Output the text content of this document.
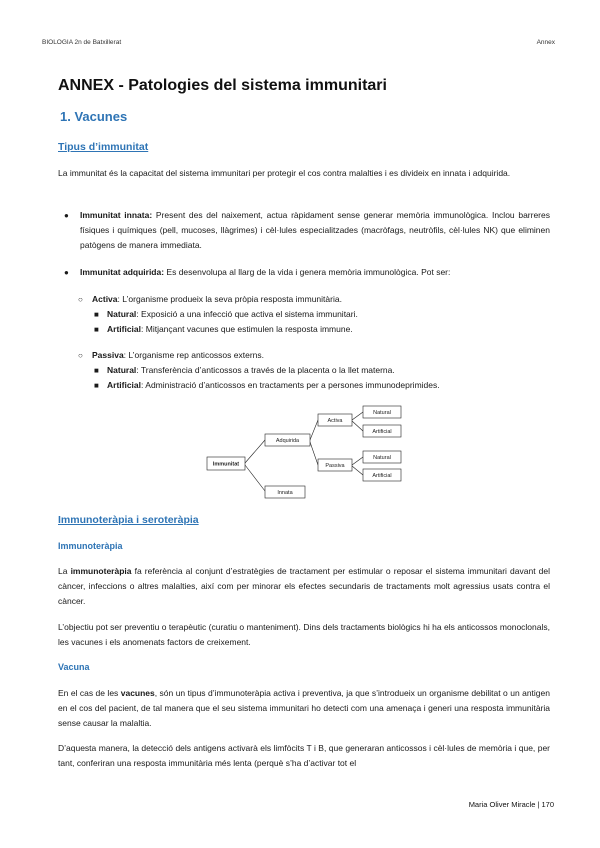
BIOLOGIA 2n de Batxillerat	Annex
ANNEX - Patologies del sistema immunitari
1. Vacunes
Tipus d’immunitat

La immunitat és la capacitat del sistema immunitari per protegir el cos contra malalties i es divideix en innata i adquirida.

● Immunitat innata: Present des del naixement, actua ràpidament sense generar memòria immunològica. Inclou barreres físiques i químiques (pell, mucoses, llàgrimes) i cèl·lules especialitzades (macròfags, neutròfils, cèl·lules NK) que eliminen patògens de manera immediata.

● Immunitat adquirida: Es desenvolupa al llarg de la vida i genera memòria immunològica. Pot ser:

○ Activa: L’organisme produeix la seva pròpia resposta immunitària.

■ Natural: Exposició a una infecció que activa el sistema immunitari.

■ Artificial: Mitjançant vacunes que estimulen la resposta immune.

○ Passiva: L’organisme rep anticossos externs.

■ Natural: Transferència d’anticossos a través de la placenta o la llet materna.

■ Artificial: Administració d’anticossos en tractaments per a persones immunodeprimides.

Immunitat
Adquirida
Innata
Activa
Passiva
Natural
Artificial
Natural
Artificial
Immunoteràpia i seroteràpia
Immunoteràpia

La immunoteràpia fa referència al conjunt d’estratègies de tractament per estimular o reposar el sistema immunitari davant del càncer, infeccions o altres malalties, així com per minorar els efectes secundaris de tractaments molt agressius usats contra el càncer.

L’objectiu pot ser preventiu o terapèutic (curatiu o manteniment). Dins dels tractaments biològics hi ha els anticossos monoclonals, les vacunes i els anomenats factors de creixement.

Vacuna

En el cas de les vacunes, són un tipus d’immunoteràpia activa i preventiva, ja que s’introdueix un organisme debilitat o un antigen en el cos del pacient, de tal manera que el seu sistema immunitari ho detecti com una amenaça i generi una resposta immunitària sense causar la malaltia.

D’aquesta manera, la detecció dels antigens activarà els limfòcits T i B, que generaran anticossos i cèl·lules de memòria i que, per tant, conferiran una resposta immunitària més lenta (perquè s’ha d’activar tot el

Maria Oliver Miracle | 170
